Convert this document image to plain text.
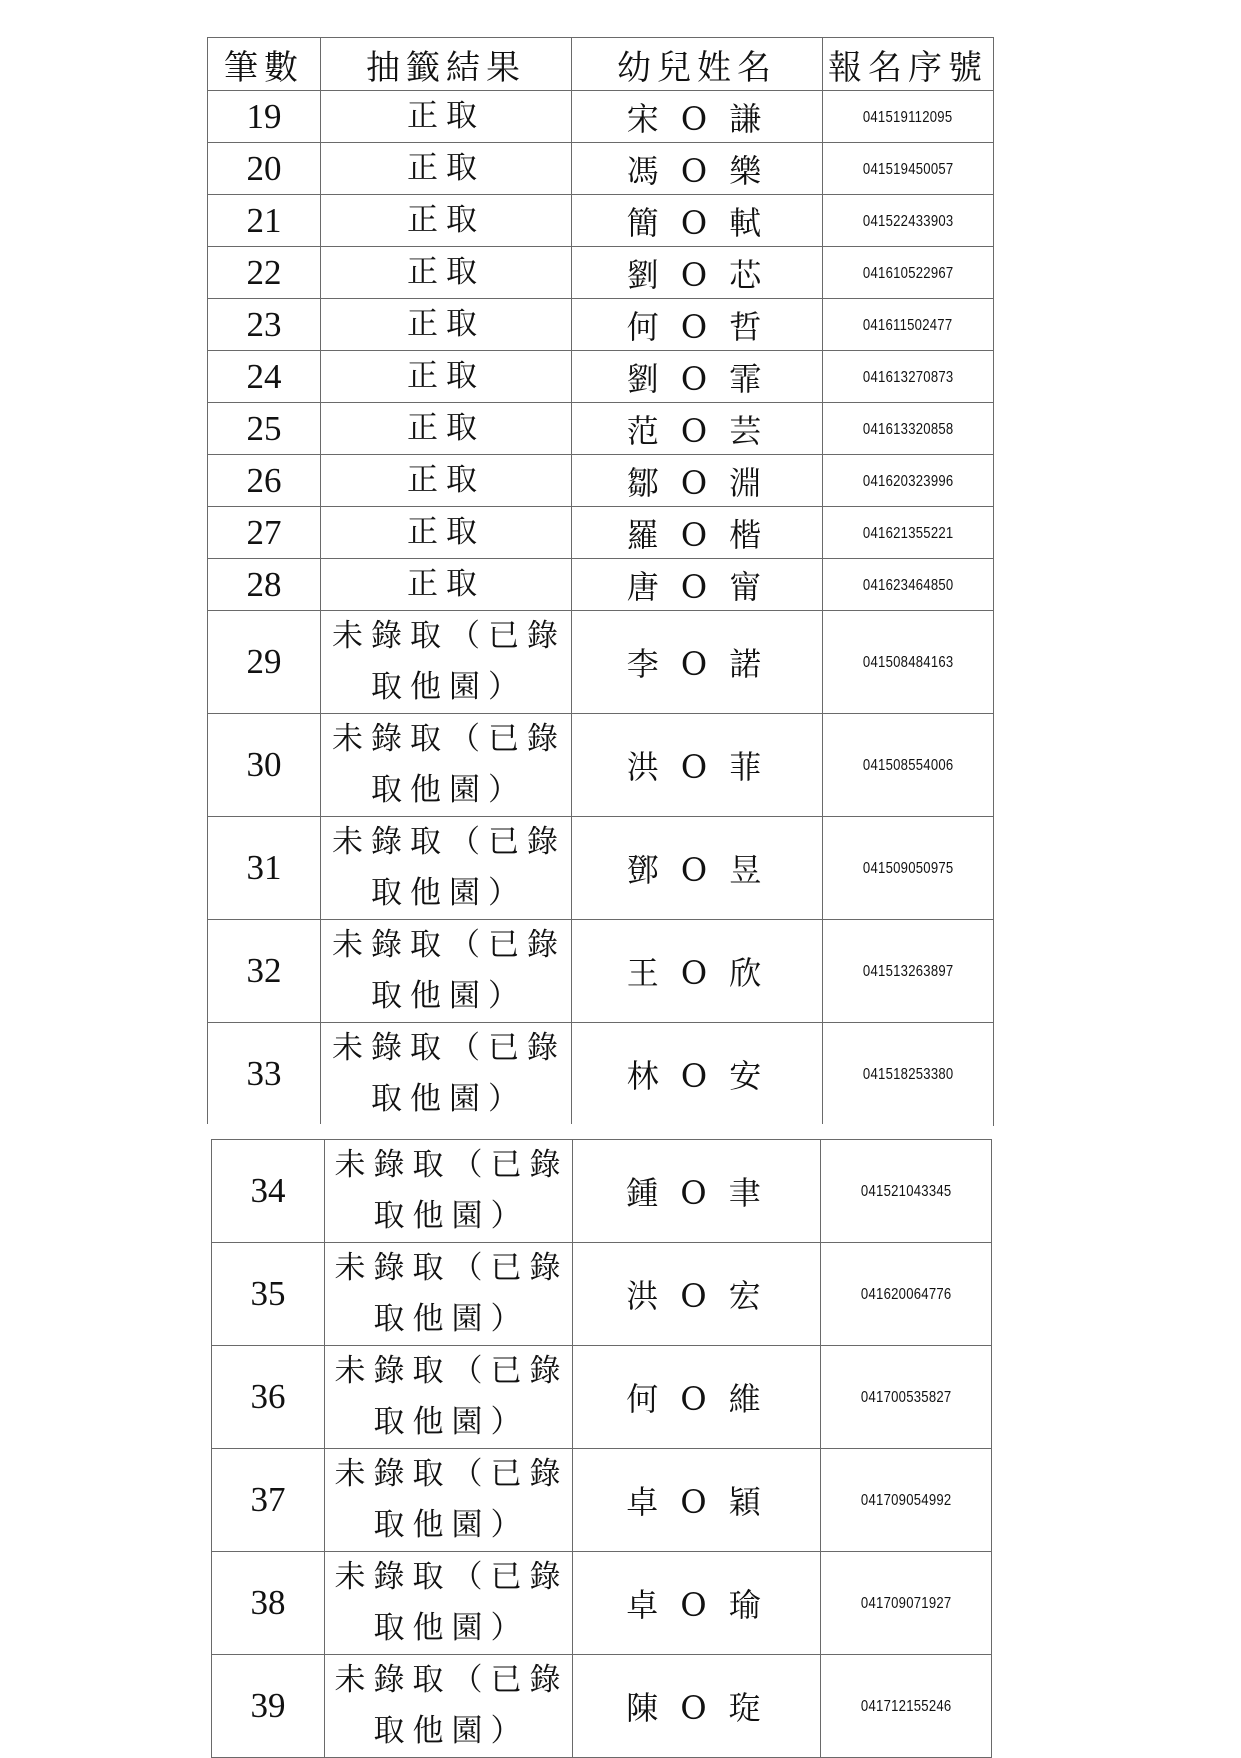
筆數	抽籤結果	幼兒姓名	報名序號
19	正取	宋 O 謙	041519112095
20	正取	馮 O 樂	041519450057
21	正取	簡 O 軾	041522433903
22	正取	劉 O 芯	041610522967
23	正取	何 O 哲	041611502477
24	正取	劉 O 霏	041613270873
25	正取	范 O 芸	041613320858
26	正取	鄒 O 淵	041620323996
27	正取	羅 O 楷	041621355221
28	正取	唐 O 甯	041623464850
29	未錄取（已錄取他園）	李 O 諾	041508484163
30	未錄取（已錄取他園）	洪 O 菲	041508554006
31	未錄取（已錄取他園）	鄧 O 昱	041509050975
32	未錄取（已錄取他園）	王 O 欣	041513263897
33	未錄取（已錄取他園）	林 O 安	041518253380
34	未錄取（已錄取他園）	鍾 O 聿	041521043345
35	未錄取（已錄取他園）	洪 O 宏	041620064776
36	未錄取（已錄取他園）	何 O 維	041700535827
37	未錄取（已錄取他園）	卓 O 穎	041709054992
38	未錄取（已錄取他園）	卓 O 瑜	041709071927
39	未錄取（已錄取他園）	陳 O 琁	041712155246
